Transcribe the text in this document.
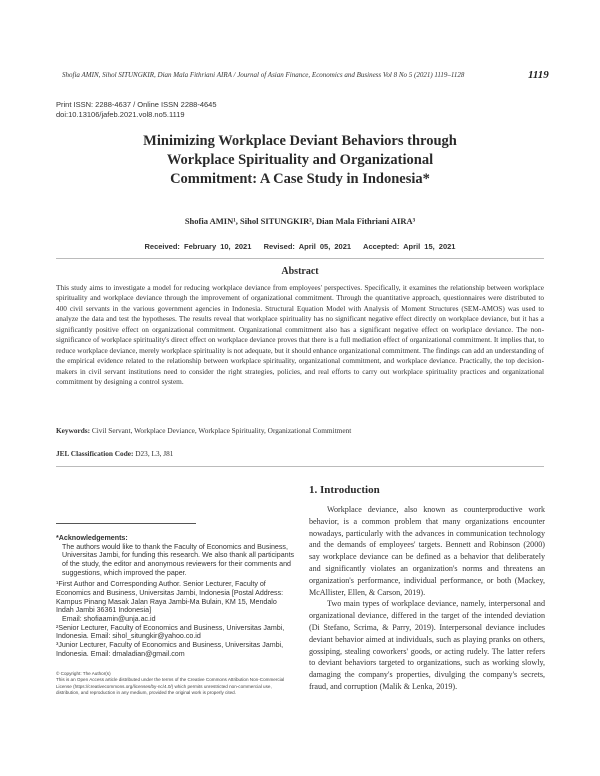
Shofia AMIN, Sihol SITUNGKIR, Dian Mala Fithriani AIRA / Journal of Asian Finance, Economics and Business Vol 8 No 5 (2021) 1119–1128	1119
Print ISSN: 2288-4637 / Online ISSN 2288-4645
doi:10.13106/jafeb.2021.vol8.no5.1119
Minimizing Workplace Deviant Behaviors through
Workplace Spirituality and Organizational
Commitment: A Case Study in Indonesia*
Shofia AMIN¹, Sihol SITUNGKIR², Dian Mala Fithriani AIRA³
Received: February 10, 2021   Revised: April 05, 2021   Accepted: April 15, 2021
Abstract
This study aims to investigate a model for reducing workplace deviance from employees' perspectives. Specifically, it examines the relationship between workplace spirituality and workplace deviance through the improvement of organizational commitment. Through the quantitative approach, questionnaires were distributed to 400 civil servants in the various government agencies in Indonesia. Structural Equation Model with Analysis of Moment Structures (SEM-AMOS) was used to analyze the data and test the hypotheses. The results reveal that workplace spirituality has no significant negative effect directly on workplace deviance, but it has a significantly positive effect on organizational commitment. Organizational commitment also has a significant negative effect on workplace deviance. The non-significance of workplace spirituality's direct effect on workplace deviance proves that there is a full mediation effect of organizational commitment. It implies that, to reduce workplace deviance, merely workplace spirituality is not adequate, but it should enhance organizational commitment. The findings can add an understanding of the empirical evidence related to the relationship between workplace spirituality, organizational commitment, and workplace deviance. Practically, the top decision-makers in civil servant institutions need to consider the right strategies, policies, and real efforts to carry out workplace spirituality practices and organizational commitment by designing a control system.
Keywords: Civil Servant, Workplace Deviance, Workplace Spirituality, Organizational Commitment
JEL Classification Code: D23, L3, J81
1. Introduction

Workplace deviance, also known as counterproductive work behavior, is a common problem that many organizations encounter nowadays, particularly with the advances in communication technology and the demands of employees' targets. Bennett and Robinson (2000) say workplace deviance can be defined as a behavior that deliberately and significantly violates an organization's norms and threatens an organization's performance, individual performance, or both (Mackey, McAllister, Ellen, & Carson, 2019).

Two main types of workplace deviance, namely, interpersonal and organizational deviance, differed in the target of the intended deviation (Di Stefano, Scrima, & Parry, 2019). Interpersonal deviance includes deviant behavior aimed at individuals, such as playing pranks on others, gossiping, stealing coworkers' goods, or acting rudely. The latter refers to deviant behaviors targeted to organizations, such as working slowly, damaging the company's properties, divulging the company's secrets, fraud, and corruption (Malik & Lenka, 2019).

*Acknowledgements:
The authors would like to thank the Faculty of Economics and Business, Universitas Jambi, for funding this research. We also thank all participants of the study, the editor and anonymous reviewers for their comments and suggestions, which improved the paper.
¹First Author and Corresponding Author. Senior Lecturer, Faculty of Economics and Business, Universitas Jambi, Indonesia [Postal Address: Kampus Pinang Masak Jalan Raya Jambi-Ma Bulain, KM 15, Mendalo Indah Jambi 36361 Indonesia]
Email: shofiaamin@unja.ac.id
²Senior Lecturer, Faculty of Economics and Business, Universitas Jambi, Indonesia. Email: sihol_situngkir@yahoo.co.id
³Junior Lecturer, Faculty of Economics and Business, Universitas Jambi, Indonesia. Email: dmaladian@gmail.com
© Copyright: The Author(s)
This is an Open Access article distributed under the terms of the Creative Commons Attribution Non-Commercial License (https://creativecommons.org/licenses/by-nc/4.0/) which permits unrestricted non-commercial use, distribution, and reproduction in any medium, provided the original work is properly cited.
